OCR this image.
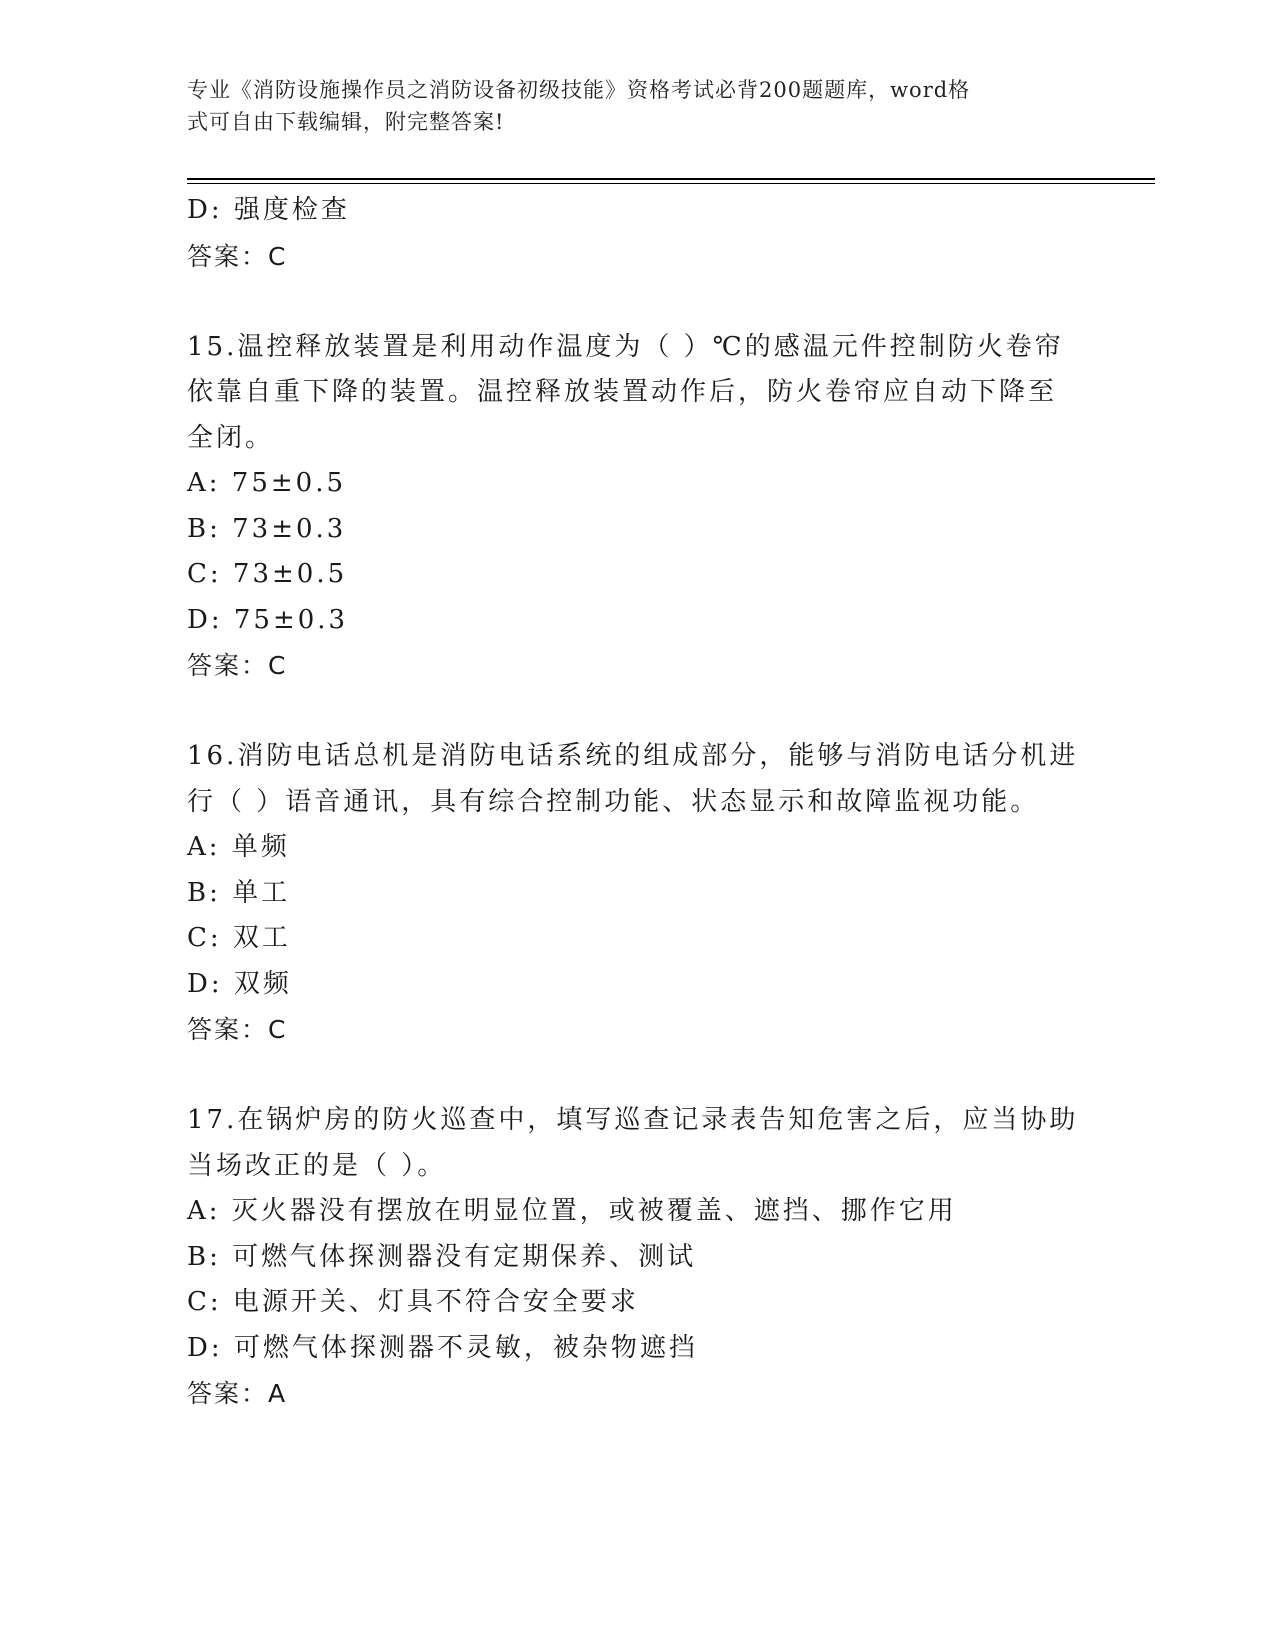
专业《消防设施操作员之消防设备初级技能》资格考试必背200题题库，word格
式可自由下载编辑，附完整答案!
D: 强度检查
答案：C
15.温控释放装置是利用动作温度为（ ）℃的感温元件控制防火卷帘
依靠自重下降的装置。温控释放装置动作后，防火卷帘应自动下降至
全闭。
A: 75±0.5
B: 73±0.3
C: 73±0.5
D: 75±0.3
答案：C
16.消防电话总机是消防电话系统的组成部分，能够与消防电话分机进
行（ ）语音通讯，具有综合控制功能、状态显示和故障监视功能。
A: 单频
B: 单工
C: 双工
D: 双频
答案：C
17.在锅炉房的防火巡查中，填写巡查记录表告知危害之后，应当协助
当场改正的是（ ）。
A: 灭火器没有摆放在明显位置，或被覆盖、遮挡、挪作它用
B: 可燃气体探测器没有定期保养、测试
C: 电源开关、灯具不符合安全要求
D: 可燃气体探测器不灵敏，被杂物遮挡
答案：A
